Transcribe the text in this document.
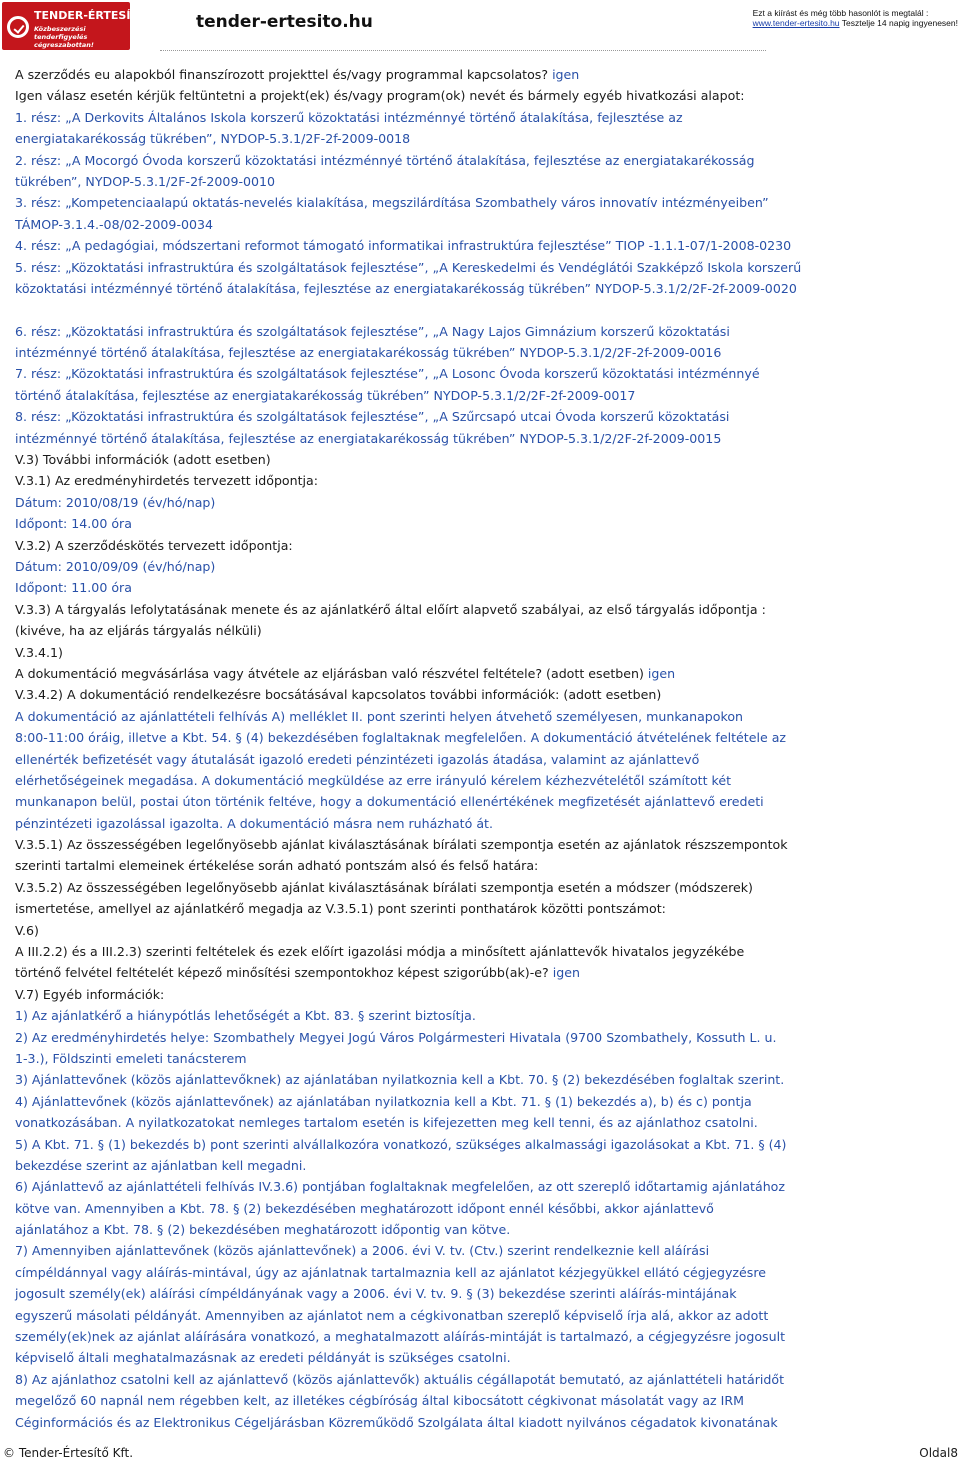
TENDER-ÉRTESÍTŐ.hu
Közbeszerzési tenderfigyelés cégreszabottan!
tender-ertesito.hu	Ezt a kiírást és még több hasonlót is megtalál :
www.tender-ertesito.hu Tesztelje 14 napig ingyenesen!
A szerződés eu alapokból finanszírozott projekttel és/vagy programmal kapcsolatos? igen
Igen válasz esetén kérjük feltüntetni a projekt(ek) és/vagy program(ok) nevét és bármely egyéb hivatkozási alapot:
1. rész: „A Derkovits Általános Iskola korszerű közoktatási intézménnyé történő átalakítása, fejlesztése az
energiatakarékosság tükrében”, NYDOP-5.3.1/2F-2f-2009-0018
2. rész: „A Mocorgó Óvoda korszerű közoktatási intézménnyé történő átalakítása, fejlesztése az energiatakarékosság
tükrében”, NYDOP-5.3.1/2F-2f-2009-0010
3. rész: „Kompetenciaalapú oktatás-nevelés kialakítása, megszilárdítása Szombathely város innovatív intézményeiben”
TÁMOP-3.1.4.-08/02-2009-0034
4. rész: „A pedagógiai, módszertani reformot támogató informatikai infrastruktúra fejlesztése” TIOP -1.1.1-07/1-2008-0230
5. rész: „Közoktatási infrastruktúra és szolgáltatások fejlesztése”, „A Kereskedelmi és Vendéglátói Szakképző Iskola korszerű
közoktatási intézménnyé történő átalakítása, fejlesztése az energiatakarékosság tükrében” NYDOP-5.3.1/2/2F-2f-2009-0020
6. rész: „Közoktatási infrastruktúra és szolgáltatások fejlesztése”, „A Nagy Lajos Gimnázium korszerű közoktatási
intézménnyé történő átalakítása, fejlesztése az energiatakarékosság tükrében” NYDOP-5.3.1/2/2F-2f-2009-0016
7. rész: „Közoktatási infrastruktúra és szolgáltatások fejlesztése”, „A Losonc Óvoda korszerű közoktatási intézménnyé
történő átalakítása, fejlesztése az energiatakarékosság tükrében” NYDOP-5.3.1/2/2F-2f-2009-0017
8. rész: „Közoktatási infrastruktúra és szolgáltatások fejlesztése”, „A Szűrcsapó utcai Óvoda korszerű közoktatási
intézménnyé történő átalakítása, fejlesztése az energiatakarékosság tükrében” NYDOP-5.3.1/2/2F-2f-2009-0015
V.3) További információk (adott esetben)
V.3.1) Az eredményhirdetés tervezett időpontja:
Dátum: 2010/08/19 (év/hó/nap)
Időpont: 14.00 óra
V.3.2) A szerződéskötés tervezett időpontja:
Dátum: 2010/09/09 (év/hó/nap)
Időpont: 11.00 óra
V.3.3) A tárgyalás lefolytatásának menete és az ajánlatkérő által előírt alapvető szabályai, az első tárgyalás időpontja :
(kivéve, ha az eljárás tárgyalás nélküli)
V.3.4.1)
A dokumentáció megvásárlása vagy átvétele az eljárásban való részvétel feltétele? (adott esetben) igen
V.3.4.2) A dokumentáció rendelkezésre bocsátásával kapcsolatos további információk: (adott esetben)
A dokumentáció az ajánlattételi felhívás A) melléklet II. pont szerinti helyen átvehető személyesen, munkanapokon
8:00-11:00 óráig, illetve a Kbt. 54. § (4) bekezdésében foglaltaknak megfelelően. A dokumentáció átvételének feltétele az
ellenérték befizetését vagy átutalását igazoló eredeti pénzintézeti igazolás átadása, valamint az ajánlattevő
elérhetőségeinek megadása. A dokumentáció megküldése az erre irányuló kérelem kézhezvételétől számított két
munkanapon belül, postai úton történik feltéve, hogy a dokumentáció ellenértékének megfizetését ajánlattevő eredeti
pénzintézeti igazolással igazolta. A dokumentáció másra nem ruházható át.
V.3.5.1) Az összességében legelőnyösebb ajánlat kiválasztásának bírálati szempontja esetén az ajánlatok részszempontok
szerinti tartalmi elemeinek értékelése során adható pontszám alsó és felső határa:
V.3.5.2) Az összességében legelőnyösebb ajánlat kiválasztásának bírálati szempontja esetén a módszer (módszerek)
ismertetése, amellyel az ajánlatkérő megadja az V.3.5.1) pont szerinti ponthatárok közötti pontszámot:
V.6)
A III.2.2) és a III.2.3) szerinti feltételek és ezek előírt igazolási módja a minősített ajánlattevők hivatalos jegyzékébe
történő felvétel feltételét képező minősítési szempontokhoz képest szigorúbb(ak)-e? igen
V.7) Egyéb információk:
1) Az ajánlatkérő a hiánypótlás lehetőségét a Kbt. 83. § szerint biztosítja.
2) Az eredményhirdetés helye: Szombathely Megyei Jogú Város Polgármesteri Hivatala (9700 Szombathely, Kossuth L. u.
1-3.), Földszinti emeleti tanácsterem
3) Ajánlattevőnek (közös ajánlattevőknek) az ajánlatában nyilatkoznia kell a Kbt. 70. § (2) bekezdésében foglaltak szerint.
4) Ajánlattevőnek (közös ajánlattevőnek) az ajánlatában nyilatkoznia kell a Kbt. 71. § (1) bekezdés a), b) és c) pontja
vonatkozásában. A nyilatkozatokat nemleges tartalom esetén is kifejezetten meg kell tenni, és az ajánlathoz csatolni.
5) A Kbt. 71. § (1) bekezdés b) pont szerinti alvállalkozóra vonatkozó, szükséges alkalmassági igazolásokat a Kbt. 71. § (4)
bekezdése szerint az ajánlatban kell megadni.
6) Ajánlattevő az ajánlattételi felhívás IV.3.6) pontjában foglaltaknak megfelelően, az ott szereplő időtartamig ajánlatához
kötve van. Amennyiben a Kbt. 78. § (2) bekezdésében meghatározott időpont ennél későbbi, akkor ajánlattevő
ajánlatához a Kbt. 78. § (2) bekezdésében meghatározott időpontig van kötve.
7) Amennyiben ajánlattevőnek (közös ajánlattevőnek) a 2006. évi V. tv. (Ctv.) szerint rendelkeznie kell aláírási
címpéldánnyal vagy aláírás-mintával, úgy az ajánlatnak tartalmaznia kell az ajánlatot kézjegyükkel ellátó cégjegyzésre
jogosult személy(ek) aláírási címpéldányának vagy a 2006. évi V. tv. 9. § (3) bekezdése szerinti aláírás-mintájának
egyszerű másolati példányát. Amennyiben az ajánlatot nem a cégkivonatban szereplő képviselő írja alá, akkor az adott
személy(ek)nek az ajánlat aláírására vonatkozó, a meghatalmazott aláírás-mintáját is tartalmazó, a cégjegyzésre jogosult
képviselő általi meghatalmazásnak az eredeti példányát is szükséges csatolni.
8) Az ajánlathoz csatolni kell az ajánlattevő (közös ajánlattevők) aktuális cégállapotát bemutató, az ajánlattételi határidőt
megelőző 60 napnál nem régebben kelt, az illetékes cégbíróság által kibocsátott cégkivonat másolatát vagy az IRM
Céginformációs és az Elektronikus Cégeljárásban Közreműködő Szolgálata által kiadott nyilvános cégadatok kivonatának
© Tender-Értesítő Kft.	Oldal8
